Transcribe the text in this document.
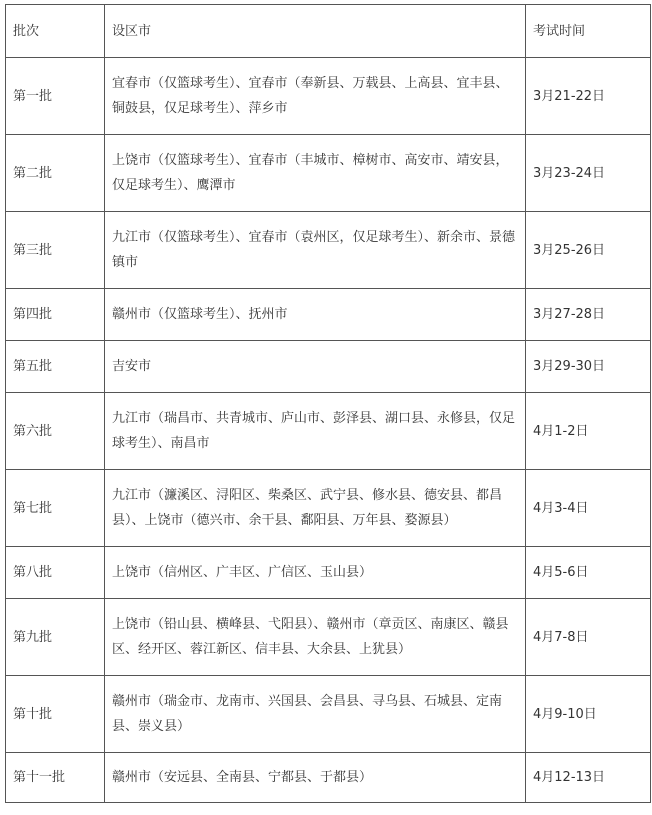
批次	设区市	考试时间
第一批	宜春市（仅篮球考生）、宜春市（奉新县、万载县、上高县、宜丰县、铜鼓县，仅足球考生）、萍乡市	3月21-22日
第二批	上饶市（仅篮球考生）、宜春市（丰城市、樟树市、高安市、靖安县，仅足球考生）、鹰潭市	3月23-24日
第三批	九江市（仅篮球考生）、宜春市（袁州区，仅足球考生）、新余市、景德镇市	3月25-26日
第四批	赣州市（仅篮球考生）、抚州市	3月27-28日
第五批	吉安市	3月29-30日
第六批	九江市（瑞昌市、共青城市、庐山市、彭泽县、湖口县、永修县，仅足球考生）、南昌市	4月1-2日
第七批	九江市（濂溪区、浔阳区、柴桑区、武宁县、修水县、德安县、都昌县）、上饶市（德兴市、余干县、鄱阳县、万年县、婺源县）	4月3-4日
第八批	上饶市（信州区、广丰区、广信区、玉山县）	4月5-6日
第九批	上饶市（铅山县、横峰县、弋阳县）、赣州市（章贡区、南康区、赣县区、经开区、蓉江新区、信丰县、大余县、上犹县）	4月7-8日
第十批	赣州市（瑞金市、龙南市、兴国县、会昌县、寻乌县、石城县、定南县、崇义县）	4月9-10日
第十一批	赣州市（安远县、全南县、宁都县、于都县）	4月12-13日
